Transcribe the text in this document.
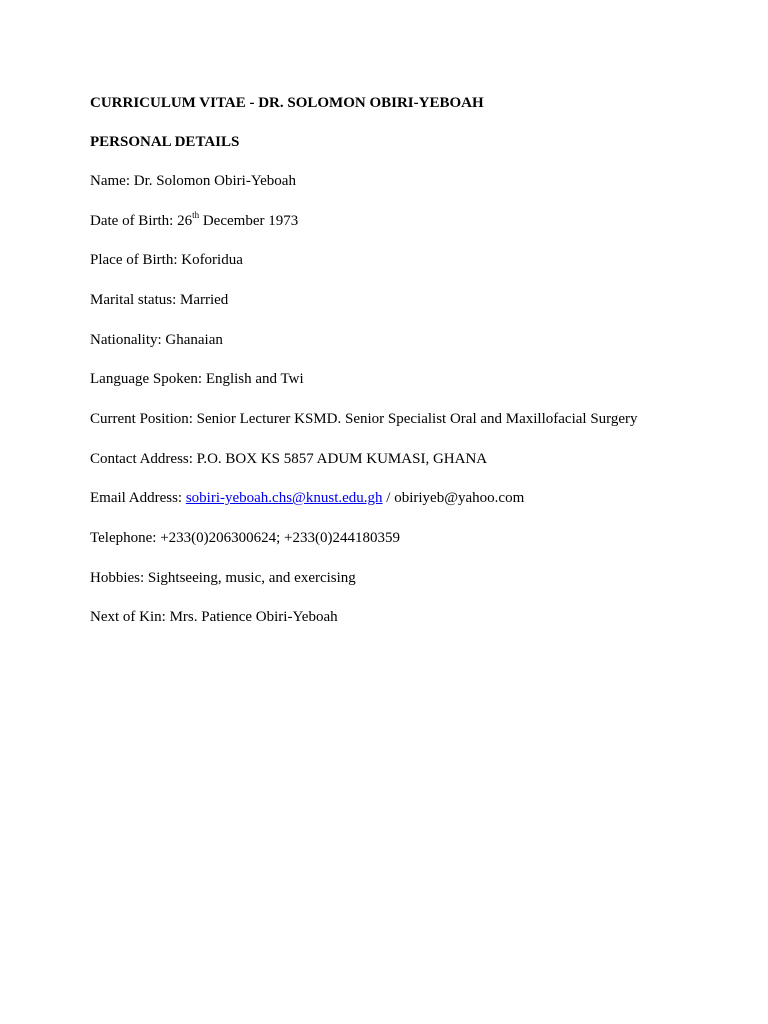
CURRICULUM VITAE - DR. SOLOMON OBIRI-YEBOAH
PERSONAL DETAILS
Name: Dr. Solomon Obiri-Yeboah
Date of Birth: 26th December 1973
Place of Birth: Koforidua
Marital status: Married
Nationality: Ghanaian
Language Spoken: English and Twi
Current Position: Senior Lecturer KSMD. Senior Specialist Oral and Maxillofacial Surgery
Contact Address: P.O. BOX KS 5857 ADUM KUMASI, GHANA
Email Address: sobiri-yeboah.chs@knust.edu.gh / obiriyeb@yahoo.com
Telephone: +233(0)206300624; +233(0)244180359
Hobbies: Sightseeing, music, and exercising
Next of Kin: Mrs. Patience Obiri-Yeboah
